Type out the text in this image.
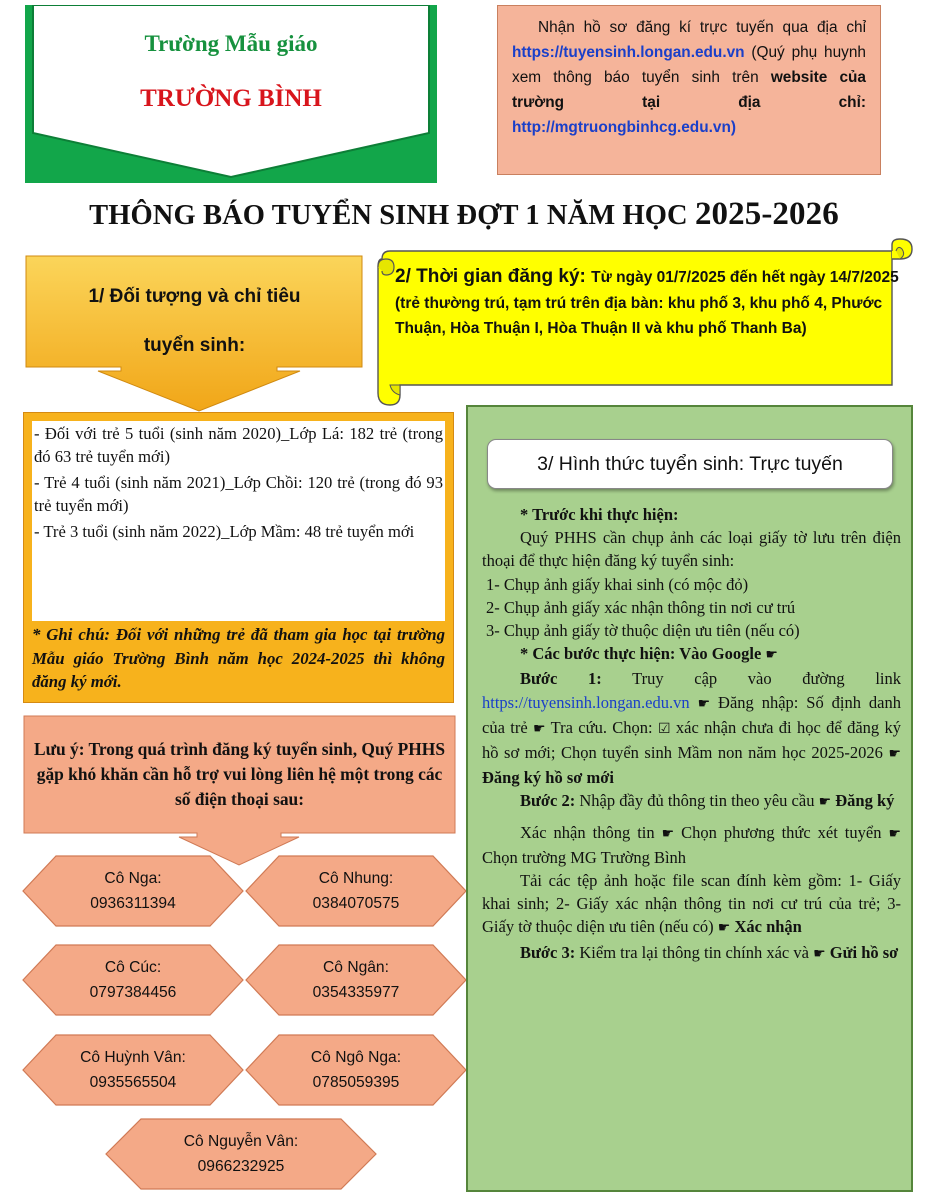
Trường Mẫu giáo
TRƯỜNG BÌNH
Nhận hồ sơ đăng kí trực tuyến qua địa chỉ https://tuyensinh.longan.edu.vn (Quý phụ huynh xem thông báo tuyển sinh trên website của trường tại địa chỉ: http://mgtruongbinhcg.edu.vn)
THÔNG BÁO TUYỂN SINH ĐỢT 1 NĂM HỌC 2025-2026
1/ Đối tượng và chỉ tiêu
tuyển sinh:
2/ Thời gian đăng ký: Từ ngày 01/7/2025 đến hết ngày 14/7/2025 (trẻ thường trú, tạm trú trên địa bàn: khu phố 3, khu phố 4, Phước Thuận, Hòa Thuận I, Hòa Thuận II và khu phố Thanh Ba)

- Đối với trẻ 5 tuổi (sinh năm 2020)_Lớp Lá: 182 trẻ (trong đó 63 trẻ tuyển mới)

- Trẻ 4 tuổi (sinh năm 2021)_Lớp Chồi: 120 trẻ (trong đó 93 trẻ tuyển mới)

- Trẻ 3 tuổi (sinh năm 2022)_Lớp Mầm: 48 trẻ tuyển mới

* Ghi chú: Đối với những trẻ đã tham gia học tại trường Mẫu giáo Trường Bình năm học 2024-2025 thì không đăng ký mới.
Lưu ý: Trong quá trình đăng ký tuyển sinh, Quý PHHS gặp khó khăn cần hỗ trợ vui lòng liên hệ một trong các số điện thoại sau:
Cô Nga:
0936311394
Cô Nhung:
0384070575
Cô Cúc:
0797384456
Cô Ngân:
0354335977
Cô Huỳnh Vân:
0935565504
Cô Ngô Nga:
0785059395
Cô Nguyễn Vân:
0966232925
3/ Hình thức tuyển sinh: Trực tuyến

* Trước khi thực hiện:

Quý PHHS cần chụp ảnh các loại giấy tờ lưu trên điện thoại để thực hiện đăng ký tuyển sinh:

1- Chụp ảnh giấy khai sinh (có mộc đỏ)

2- Chụp ảnh giấy xác nhận thông tin nơi cư trú

3- Chụp ảnh giấy tờ thuộc diện ưu tiên (nếu có)

* Các bước thực hiện: Vào Google ☛

Bước 1: Truy cập vào đường link https://tuyensinh.longan.edu.vn ☛ Đăng nhập: Số định danh của trẻ ☛ Tra cứu. Chọn: ☑ xác nhận chưa đi học để đăng ký hồ sơ mới; Chọn tuyển sinh Mầm non năm học 2025-2026 ☛ Đăng ký hồ sơ mới

Bước 2: Nhập đầy đủ thông tin theo yêu cầu ☛ Đăng ký

Xác nhận thông tin ☛ Chọn phương thức xét tuyển ☛ Chọn trường MG Trường Bình

Tải các tệp ảnh hoặc file scan đính kèm gồm: 1- Giấy khai sinh; 2- Giấy xác nhận thông tin nơi cư trú của trẻ; 3- Giấy tờ thuộc diện ưu tiên (nếu có) ☛ Xác nhận

Bước 3: Kiểm tra lại thông tin chính xác và ☛ Gửi hồ sơ
